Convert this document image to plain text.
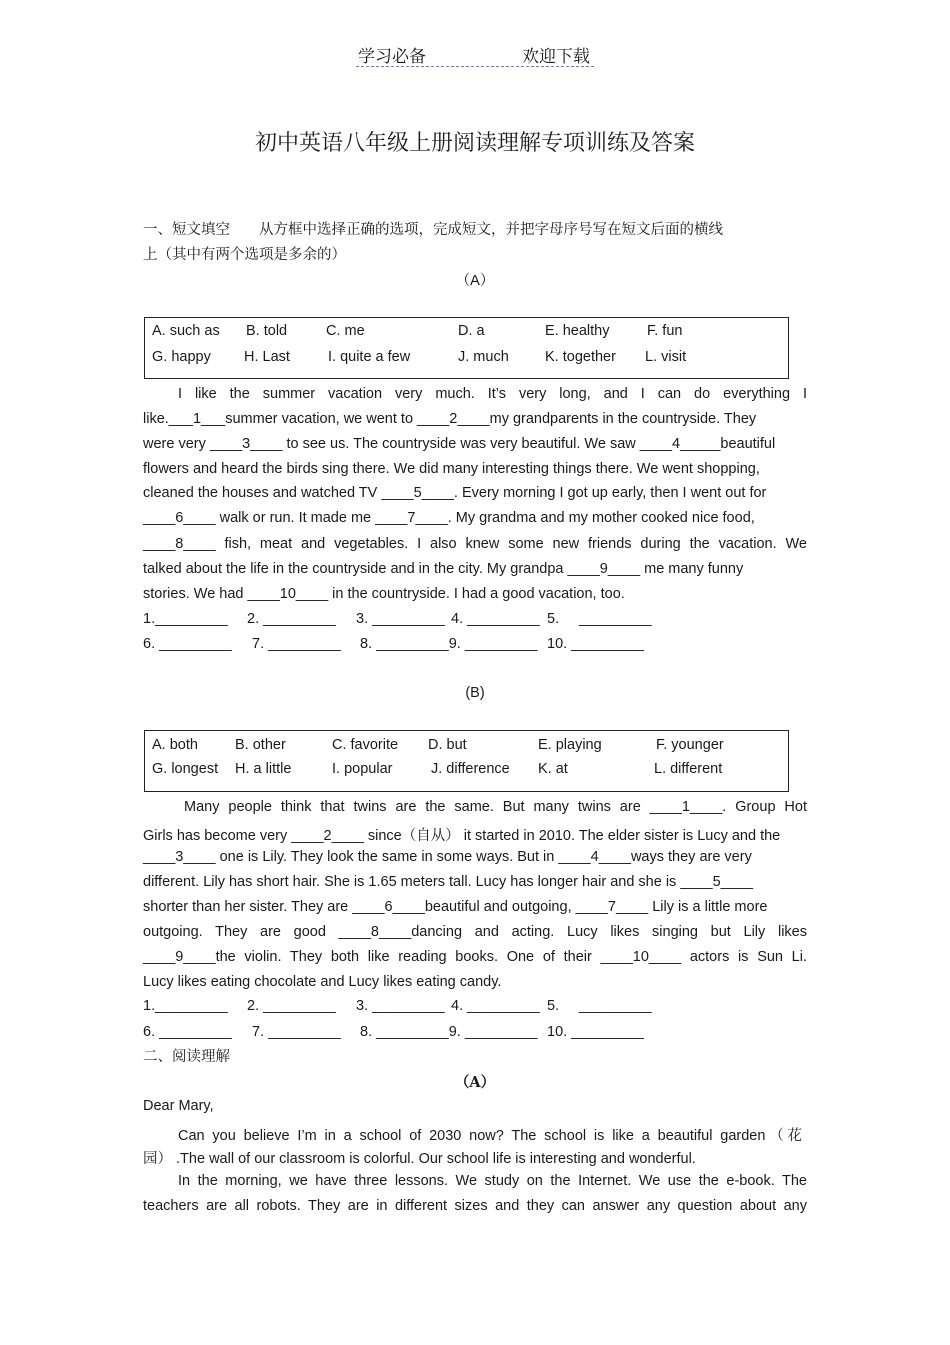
学习必备	欢迎下载
初中英语八年级上册阅读理解专项训练及答案
一、短文填空　　从方框中选择正确的选项，完成短文，并把字母序号写在短文后面的横线
上（其中有两个选项是多余的）
（A）
A. such as B. told	C. me	D. a	E. healthy	F. fun
G. happy H. Last	I. quite a few	J. much K. together L. visit
I like the summer vacation very much. It’s very long, and I can do everything I
like.___1___summer vacation, we went to ____2____my grandparents in the countryside. They
were very ____3____ to see us. The countryside was very beautiful. We saw ____4_____beautiful
flowers and heard the birds sing there. We did many interesting things there. We went shopping,
cleaned the houses and watched TV ____5____. Every morning I got up early, then I went out for
____6____ walk or run. It made me ____7____. My grandma and my mother cooked nice food,
____8____ fish, meat and vegetables. I also knew some new friends during the vacation. We
talked about the life in the countryside and in the city. My grandpa ____9____ me many funny
stories. We had ____10____ in the countryside. I had a good vacation, too.
1._________ 2. _________ 3. _________ 4. _________ 5. _________
6. _________ 7. _________ 8. _________9. _________ 10. _________
(B)
A. both	B. other	C. favorite D. but	E. playing	F. younger
G. longest H. a little	I. popular	J. difference K. at	L. different
Many people think that twins are the same. But many twins are ____1____. Group Hot
Girls has become very ____2____ since（自从） it started in 2010. The elder sister is Lucy and the
____3____ one is Lily. They look the same in some ways. But in ____4____ways they are very
different. Lily has short hair. She is 1.65 meters tall. Lucy has longer hair and she is ____5____
shorter than her sister. They are ____6____beautiful and outgoing, ____7____ Lily is a little more
outgoing. They are good ____8____dancing and acting. Lucy likes singing but Lily likes
____9____the violin. They both like reading books. One of their ____10____ actors is Sun Li.
Lucy likes eating chocolate and Lucy likes eating candy.
1._________ 2. _________ 3. _________ 4. _________ 5. _________
6. _________ 7. _________ 8. _________9. _________ 10. _________
二、阅读理解
（A）
Dear Mary,
Can you believe I’m in a school of 2030 now? The school is like a beautiful garden（花
园） .The wall of our classroom is colorful. Our school life is interesting and wonderful.
In the morning, we have three lessons. We study on the Internet. We use the e-book. The
teachers are all robots. They are in different sizes and they can answer any question about any
